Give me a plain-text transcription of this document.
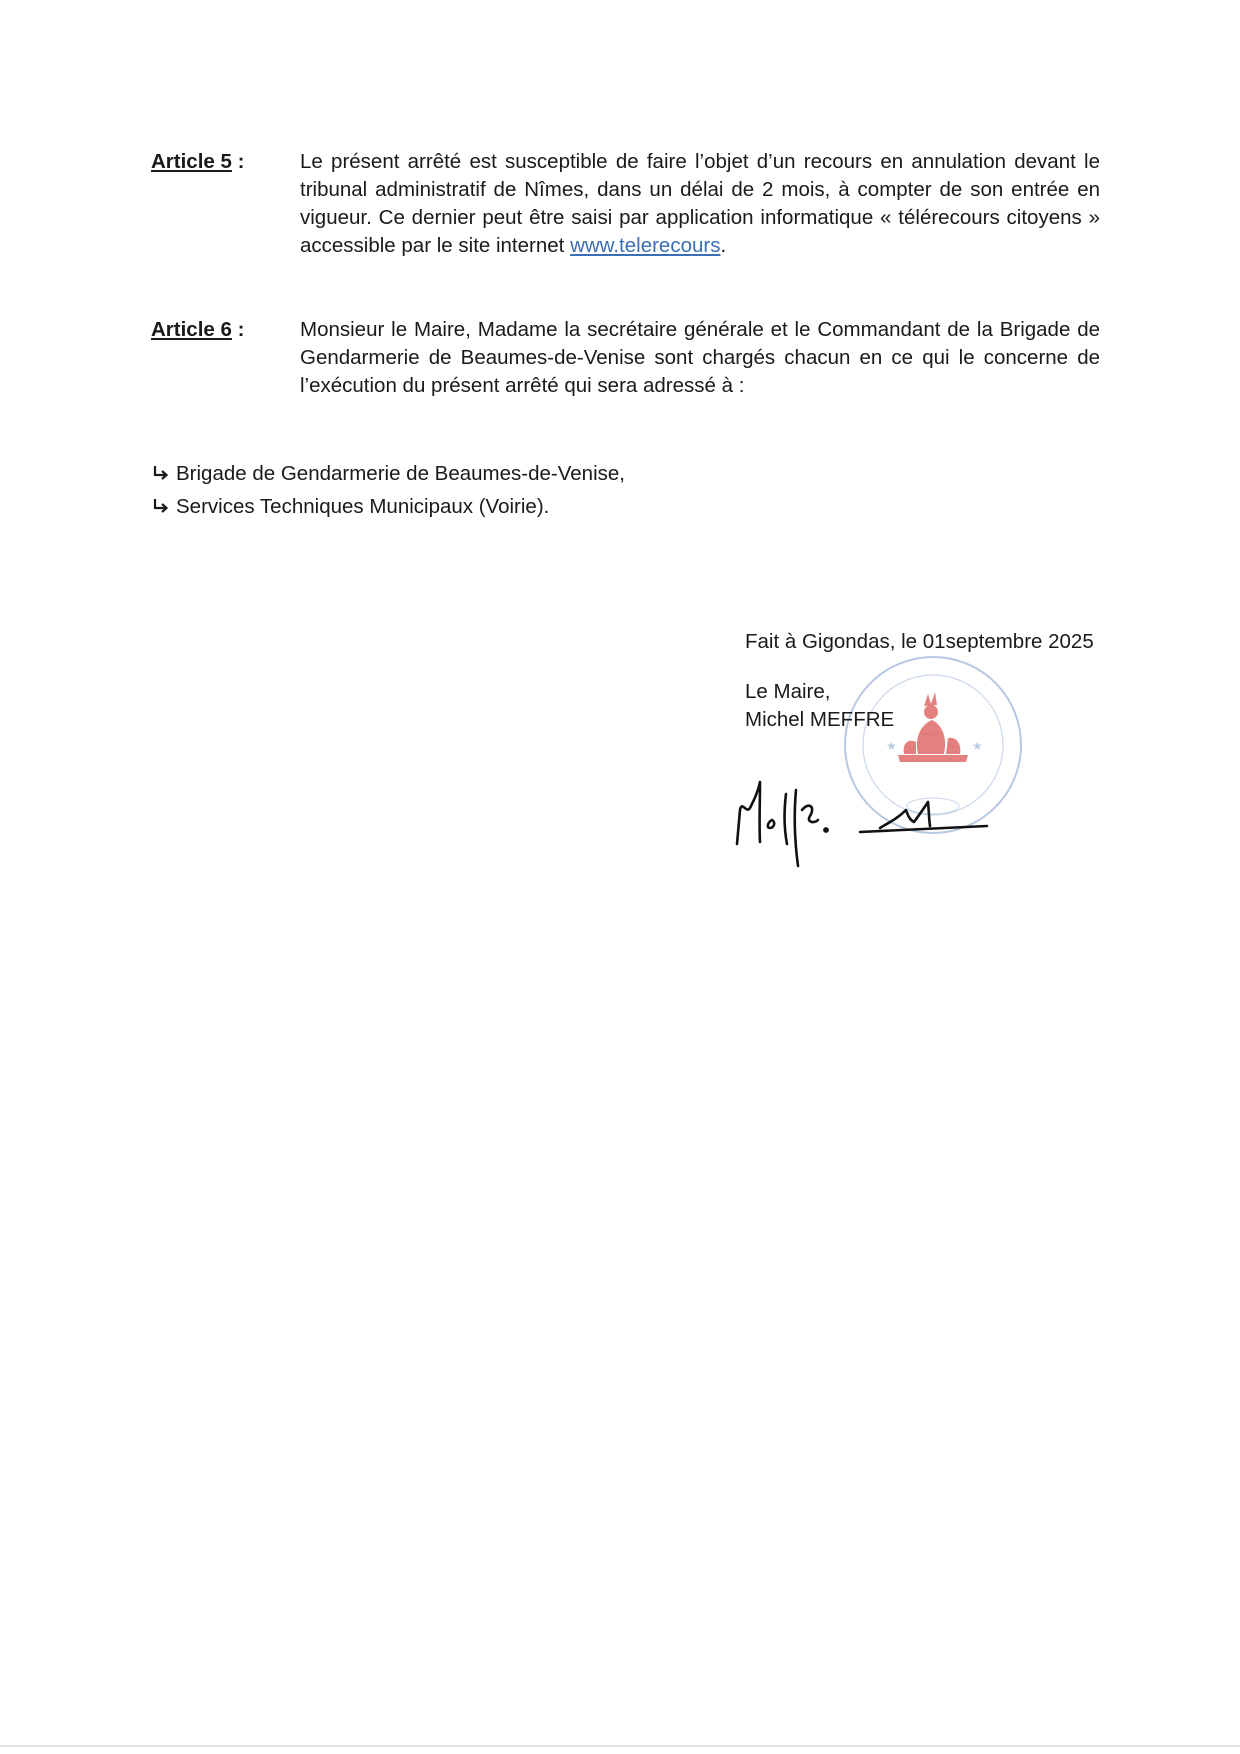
Article 5 :	Le présent arrêté est susceptible de faire l’objet d’un recours en annulation devant le tribunal administratif de Nîmes, dans un délai de 2 mois, à compter de son entrée en vigueur. Ce dernier peut être saisi par application informatique « télérecours citoyens » accessible par le site internet www.telerecours.
Article 6 :	Monsieur le Maire, Madame la secrétaire générale et le Commandant de la Brigade de Gendarmerie de Beaumes-de-Venise sont chargés chacun en ce qui le concerne de l’exécution du présent arrêté qui sera adressé à :
Brigade de Gendarmerie de Beaumes-de-Venise,
Services Techniques Municipaux (Voirie).
★	★
Fait à Gigondas, le 01septembre 2025
Le Maire,
Michel MEFFRE
